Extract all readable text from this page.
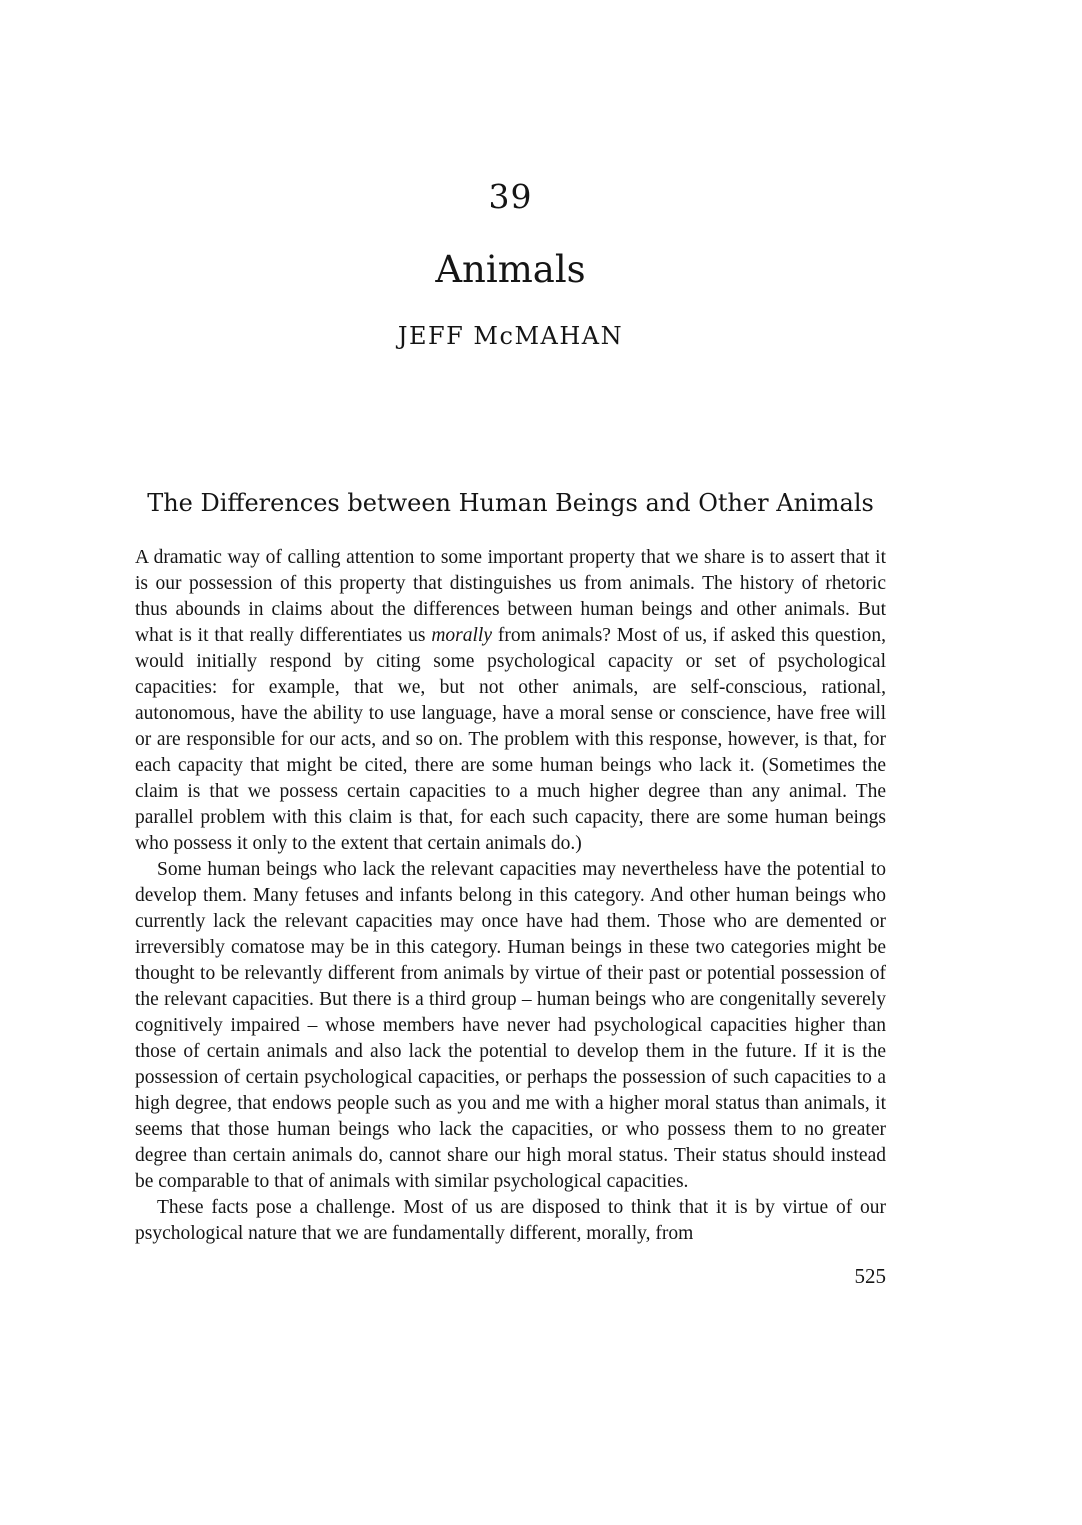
39
Animals
JEFF McMAHAN
The Differences between Human Beings and Other Animals

A dramatic way of calling attention to some important property that we share is to assert that it is our possession of this property that distinguishes us from animals. The history of rhetoric thus abounds in claims about the differences between human beings and other animals. But what is it that really differentiates us morally from animals? Most of us, if asked this question, would initially respond by citing some psychological capacity or set of psychological capacities: for example, that we, but not other animals, are self-conscious, rational, autonomous, have the ability to use language, have a moral sense or conscience, have free will or are responsible for our acts, and so on. The problem with this response, however, is that, for each capacity that might be cited, there are some human beings who lack it. (Sometimes the claim is that we possess certain capacities to a much higher degree than any animal. The parallel problem with this claim is that, for each such capacity, there are some human beings who possess it only to the extent that certain animals do.)

Some human beings who lack the relevant capacities may nevertheless have the potential to develop them. Many fetuses and infants belong in this category. And other human beings who currently lack the relevant capacities may once have had them. Those who are demented or irreversibly comatose may be in this category. Human beings in these two categories might be thought to be relevantly different from animals by virtue of their past or potential possession of the relevant capacities. But there is a third group – human beings who are congenitally severely cognitively impaired – whose members have never had psychological capacities higher than those of certain animals and also lack the potential to develop them in the future. If it is the possession of certain psychological capacities, or perhaps the possession of such capacities to a high degree, that endows people such as you and me with a higher moral status than animals, it seems that those human beings who lack the capacities, or who possess them to no greater degree than certain animals do, cannot share our high moral status. Their status should instead be comparable to that of animals with similar psychological capacities.

These facts pose a challenge. Most of us are disposed to think that it is by virtue of our psychological nature that we are fundamentally different, morally, from

525
